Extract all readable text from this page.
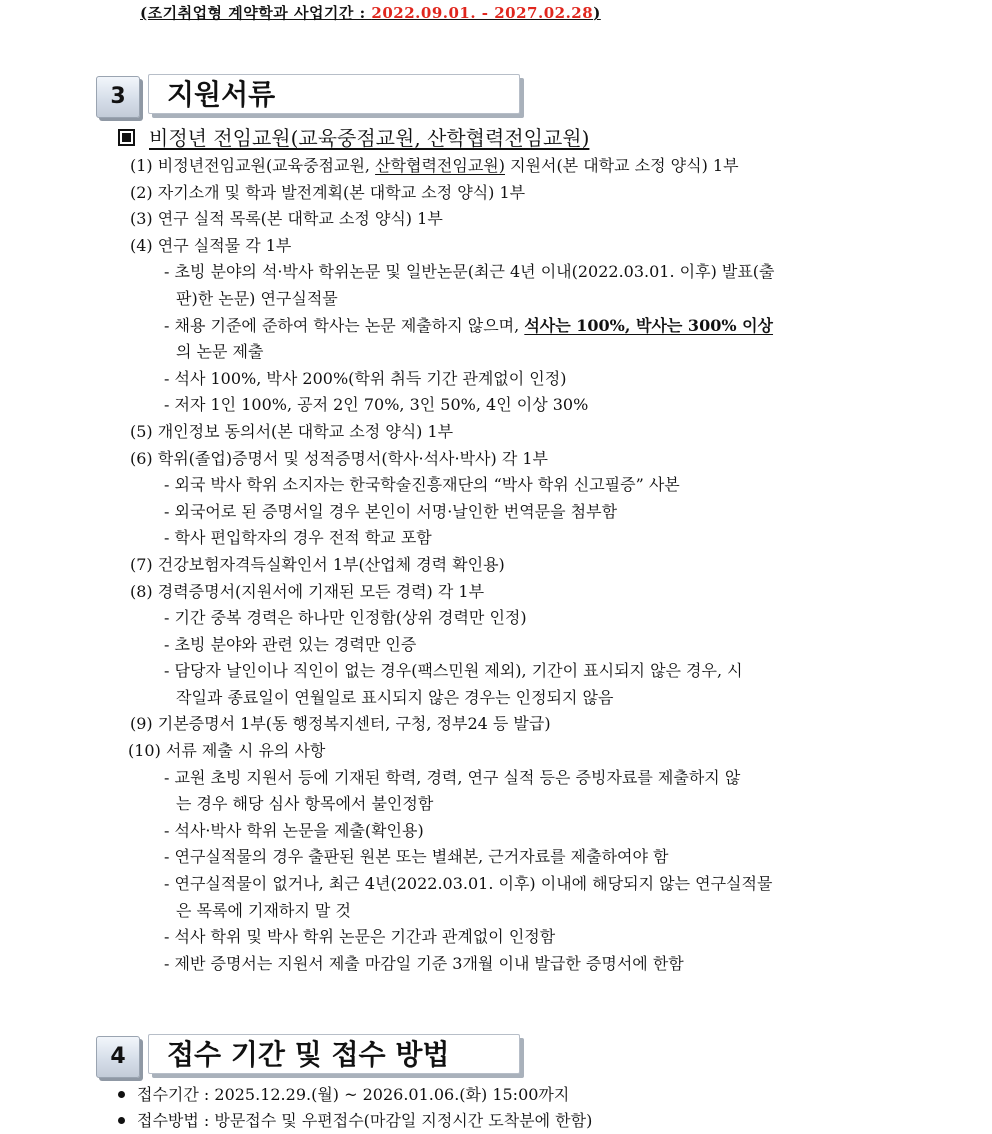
(조기취업형 계약학과 사업기간 : 2022.09.01. - 2027.02.28)
3	지원서류
비정년 전임교원(교육중점교원, 산학협력전임교원)
(1) 비정년전임교원(교육중점교원, 산학협력전임교원) 지원서(본 대학교 소정 양식) 1부
(2) 자기소개 및 학과 발전계획(본 대학교 소정 양식) 1부
(3) 연구 실적 목록(본 대학교 소정 양식) 1부
(4) 연구 실적물 각 1부
- 초빙 분야의 석·박사 학위논문 및 일반논문(최근 4년 이내(2022.03.01. 이후) 발표(출
판)한 논문) 연구실적물
- 채용 기준에 준하여 학사는 논문 제출하지 않으며, 석사는 100%, 박사는 300% 이상
의 논문 제출
- 석사 100%, 박사 200%(학위 취득 기간 관계없이 인정)
- 저자 1인 100%, 공저 2인 70%, 3인 50%, 4인 이상 30%
(5) 개인정보 동의서(본 대학교 소정 양식) 1부
(6) 학위(졸업)증명서 및 성적증명서(학사·석사·박사) 각 1부
- 외국 박사 학위 소지자는 한국학술진흥재단의 “박사 학위 신고필증” 사본
- 외국어로 된 증명서일 경우 본인이 서명·날인한 번역문을 첨부함
- 학사 편입학자의 경우 전적 학교 포함
(7) 건강보험자격득실확인서 1부(산업체 경력 확인용)
(8) 경력증명서(지원서에 기재된 모든 경력) 각 1부
- 기간 중복 경력은 하나만 인정함(상위 경력만 인정)
- 초빙 분야와 관련 있는 경력만 인증
- 담당자 날인이나 직인이 없는 경우(팩스민원 제외), 기간이 표시되지 않은 경우, 시
작일과 종료일이 연월일로 표시되지 않은 경우는 인정되지 않음
(9) 기본증명서 1부(동 행정복지센터, 구청, 정부24 등 발급)
(10) 서류 제출 시 유의 사항
- 교원 초빙 지원서 등에 기재된 학력, 경력, 연구 실적 등은 증빙자료를 제출하지 않
는 경우 해당 심사 항목에서 불인정함
- 석사·박사 학위 논문을 제출(확인용)
- 연구실적물의 경우 출판된 원본 또는 별쇄본, 근거자료를 제출하여야 함
- 연구실적물이 없거나, 최근 4년(2022.03.01. 이후) 이내에 해당되지 않는 연구실적물
은 목록에 기재하지 말 것
- 석사 학위 및 박사 학위 논문은 기간과 관계없이 인정함
- 제반 증명서는 지원서 제출 마감일 기준 3개월 이내 발급한 증명서에 한함
4	접수 기간 및 접수 방법
접수기간 : 2025.12.29.(월) ~ 2026.01.06.(화) 15:00까지
접수방법 : 방문접수 및 우편접수(마감일 지정시간 도착분에 한함)
